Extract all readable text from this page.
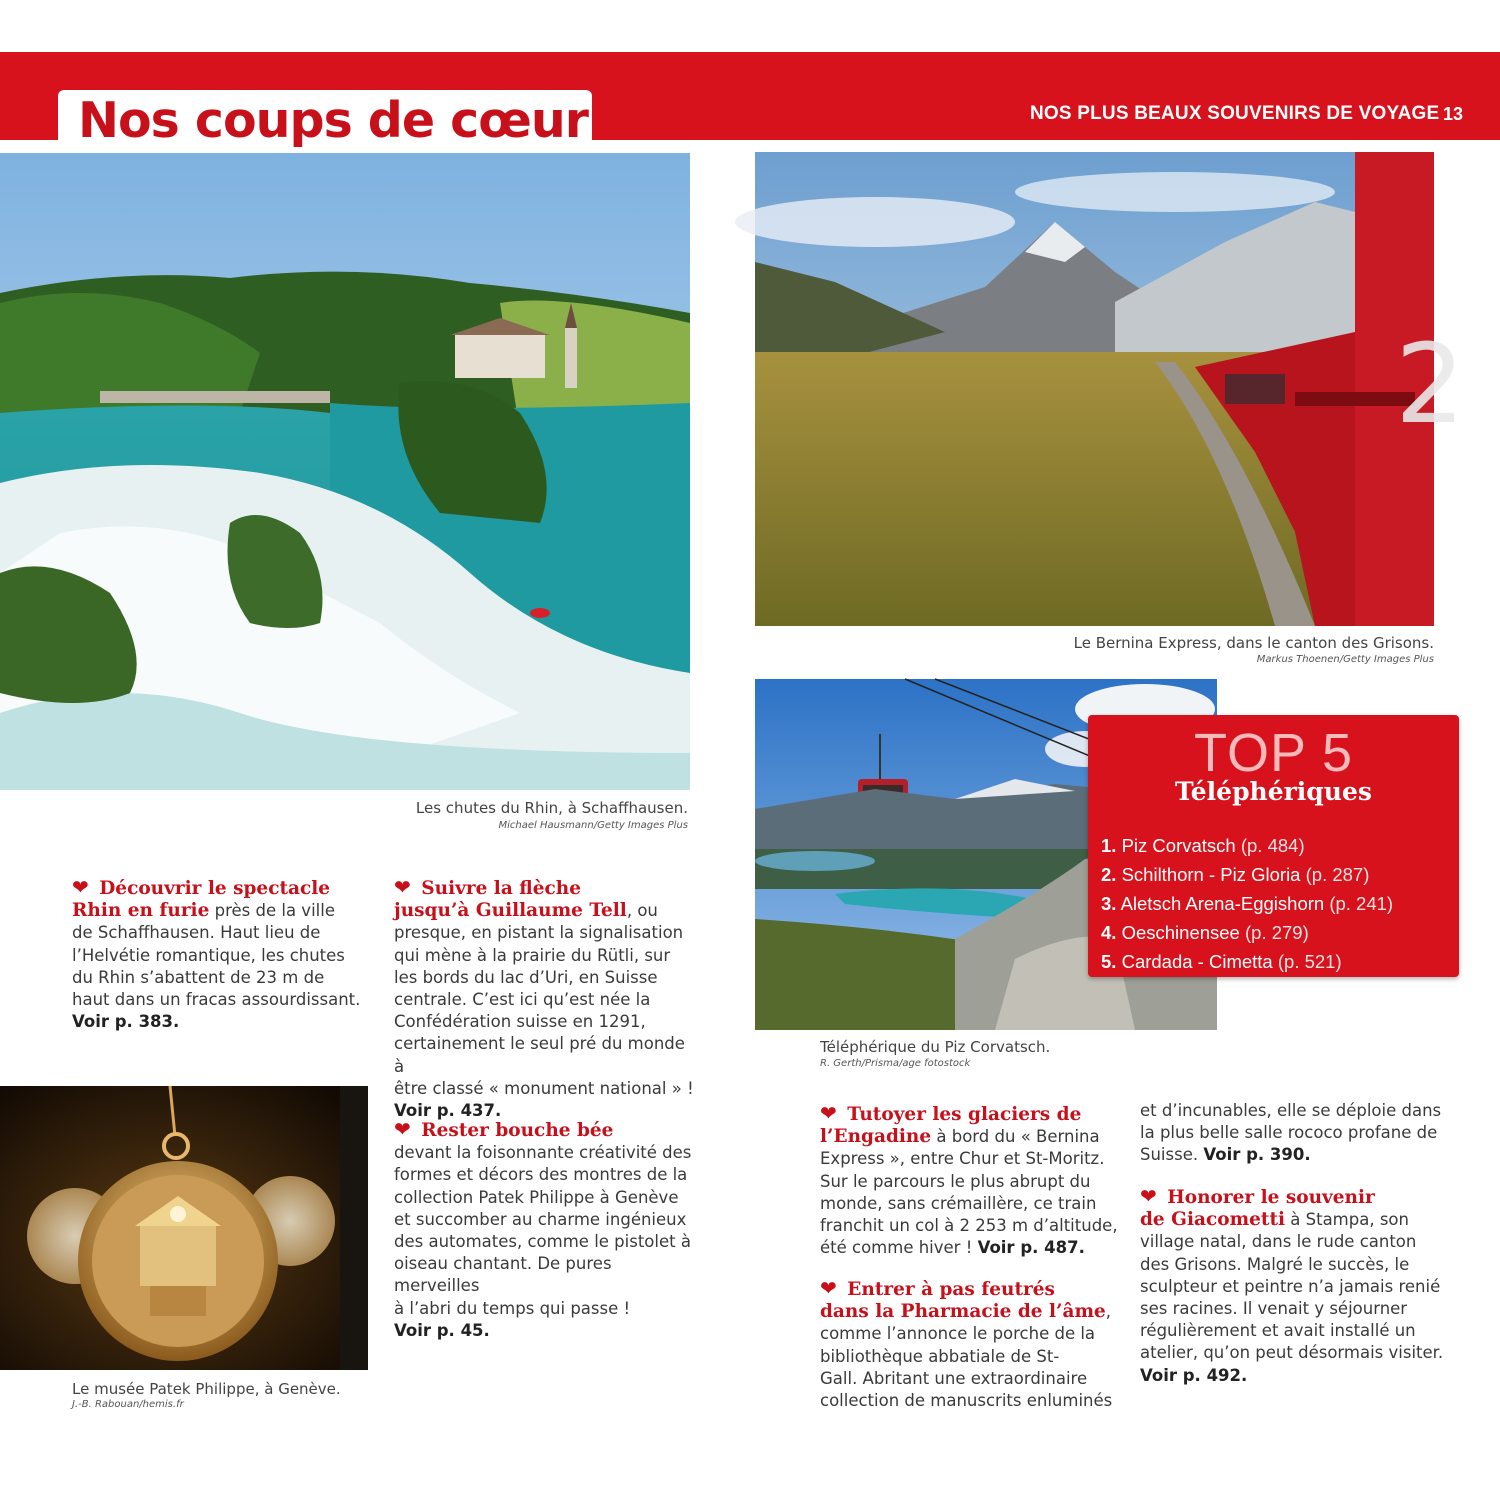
Nos coups de cœur	NOS PLUS BEAUX SOUVENIRS DE VOYAGE 13
Les chutes du Rhin, à Schaffhausen.
Michael Hausmann/Getty Images Plus
2
Le Bernina Express, dans le canton des Grisons.
Markus Thoenen/Getty Images Plus
Téléphérique du Piz Corvatsch.
R. Gerth/Prisma/age fotostock
TOP 5
Téléphériques
1. Piz Corvatsch (p. 484)
2. Schilthorn - Piz Gloria (p. 287)
3. Aletsch Arena-Eggishorn (p. 241)
4. Oeschinensee (p. 279)
5. Cardada - Cimetta (p. 521)
Le musée Patek Philippe, à Genève.
J.-B. Rabouan/hemis.fr
❤ Découvrir le spectacle
Rhin en furie près de la ville
de Schaffhausen. Haut lieu de
l’Helvétie romantique, les chutes
du Rhin s’abattent de 23 m de
haut dans un fracas assourdissant.
Voir p. 383.
❤ Suivre la flèche
jusqu’à Guillaume Tell, ou
presque, en pistant la signalisation
qui mène à la prairie du Rütli, sur
les bords du lac d’Uri, en Suisse
centrale. C’est ici qu’est née la
Confédération suisse en 1291,
certainement le seul pré du monde à
être classé « monument national » !
Voir p. 437.
❤ Rester bouche bée
devant la foisonnante créativité des
formes et décors des montres de la
collection Patek Philippe à Genève
et succomber au charme ingénieux
des automates, comme le pistolet à
oiseau chantant. De pures merveilles
à l’abri du temps qui passe !
Voir p. 45.
❤ Tutoyer les glaciers de
l’Engadine à bord du « Bernina
Express », entre Chur et St-Moritz.
Sur le parcours le plus abrupt du
monde, sans crémaillère, ce train
franchit un col à 2 253 m d’altitude,
été comme hiver ! Voir p. 487.
❤ Entrer à pas feutrés
dans la Pharmacie de l’âme,
comme l’annonce le porche de la
bibliothèque abbatiale de St-
Gall. Abritant une extraordinaire
collection de manuscrits enluminés
et d’incunables, elle se déploie dans
la plus belle salle rococo profane de
Suisse. Voir p. 390.
❤ Honorer le souvenir
de Giacometti à Stampa, son
village natal, dans le rude canton
des Grisons. Malgré le succès, le
sculpteur et peintre n’a jamais renié
ses racines. Il venait y séjourner
régulièrement et avait installé un
atelier, qu’on peut désormais visiter.
Voir p. 492.
